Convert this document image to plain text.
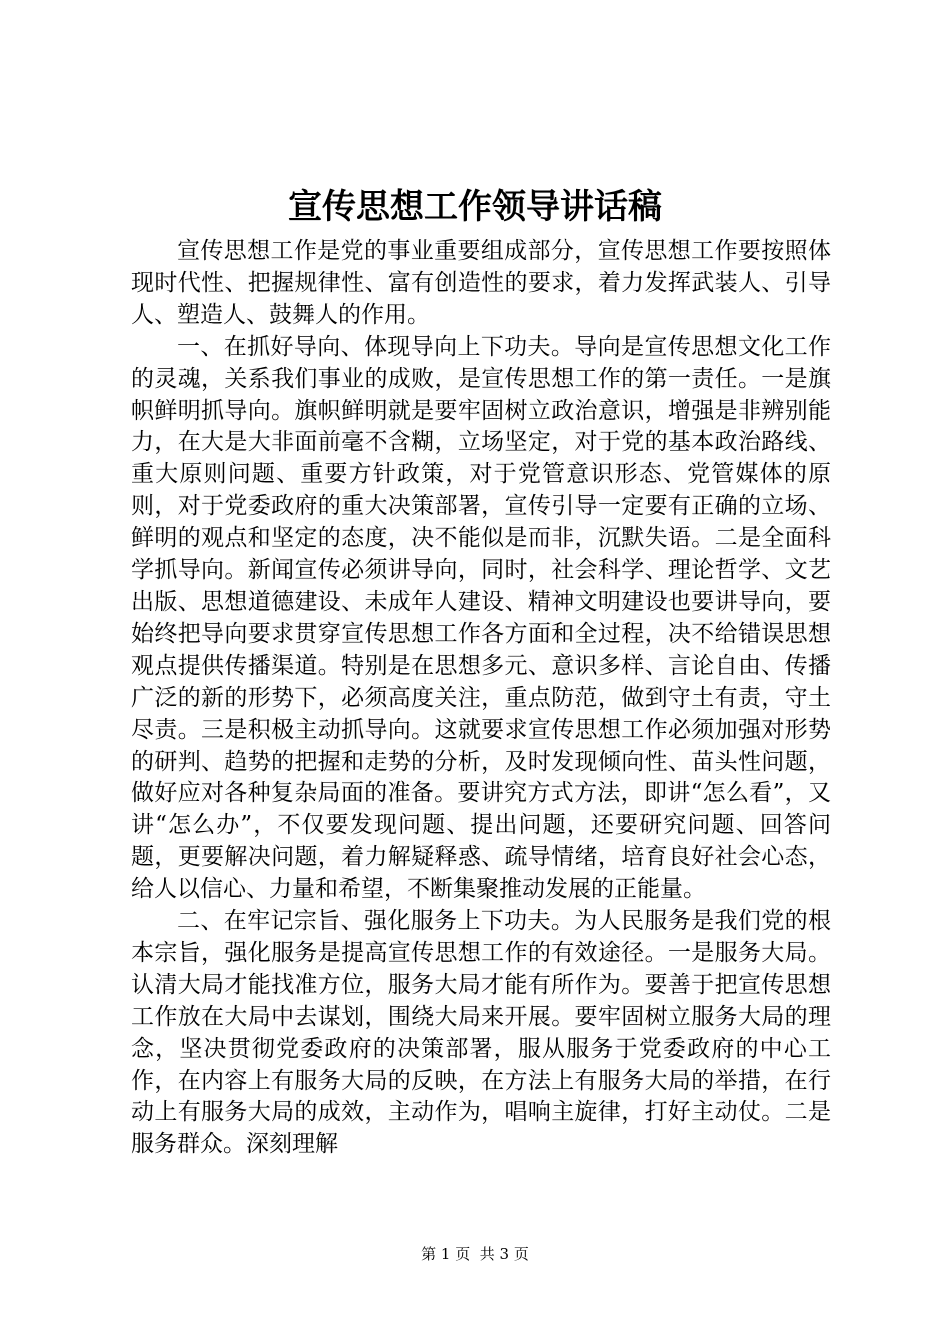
宣传思想工作领导讲话稿

宣传思想工作是党的事业重要组成部分，宣传思想工作要按照体现时代性、把握规律性、富有创造性的要求，着力发挥武装人、引导人、塑造人、鼓舞人的作用。

一、在抓好导向、体现导向上下功夫。导向是宣传思想文化工作的灵魂，关系我们事业的成败，是宣传思想工作的第一责任。一是旗帜鲜明抓导向。旗帜鲜明就是要牢固树立政治意识，增强是非辨别能力，在大是大非面前毫不含糊，立场坚定，对于党的基本政治路线、重大原则问题、重要方针政策，对于党管意识形态、党管媒体的原则，对于党委政府的重大决策部署，宣传引导一定要有正确的立场、鲜明的观点和坚定的态度，决不能似是而非，沉默失语。二是全面科学抓导向。新闻宣传必须讲导向，同时，社会科学、理论哲学、文艺出版、思想道德建设、未成年人建设、精神文明建设也要讲导向，要始终把导向要求贯穿宣传思想工作各方面和全过程，决不给错误思想观点提供传播渠道。特别是在思想多元、意识多样、言论自由、传播广泛的新的形势下，必须高度关注，重点防范，做到守土有责，守土尽责。三是积极主动抓导向。这就要求宣传思想工作必须加强对形势的研判、趋势的把握和走势的分析，及时发现倾向性、苗头性问题，做好应对各种复杂局面的准备。要讲究方式方法，即讲“怎么看”，又讲“怎么办”，不仅要发现问题、提出问题，还要研究问题、回答问题，更要解决问题，着力解疑释惑、疏导情绪，培育良好社会心态，给人以信心、力量和希望，不断集聚推动发展的正能量。

二、在牢记宗旨、强化服务上下功夫。为人民服务是我们党的根本宗旨，强化服务是提高宣传思想工作的有效途径。一是服务大局。认清大局才能找准方位，服务大局才能有所作为。要善于把宣传思想工作放在大局中去谋划，围绕大局来开展。要牢固树立服务大局的理念，坚决贯彻党委政府的决策部署，服从服务于党委政府的中心工作，在内容上有服务大局的反映，在方法上有服务大局的举措，在行动上有服务大局的成效，主动作为，唱响主旋律，打好主动仗。二是服务群众。深刻理解

第 1 页 共 3 页
